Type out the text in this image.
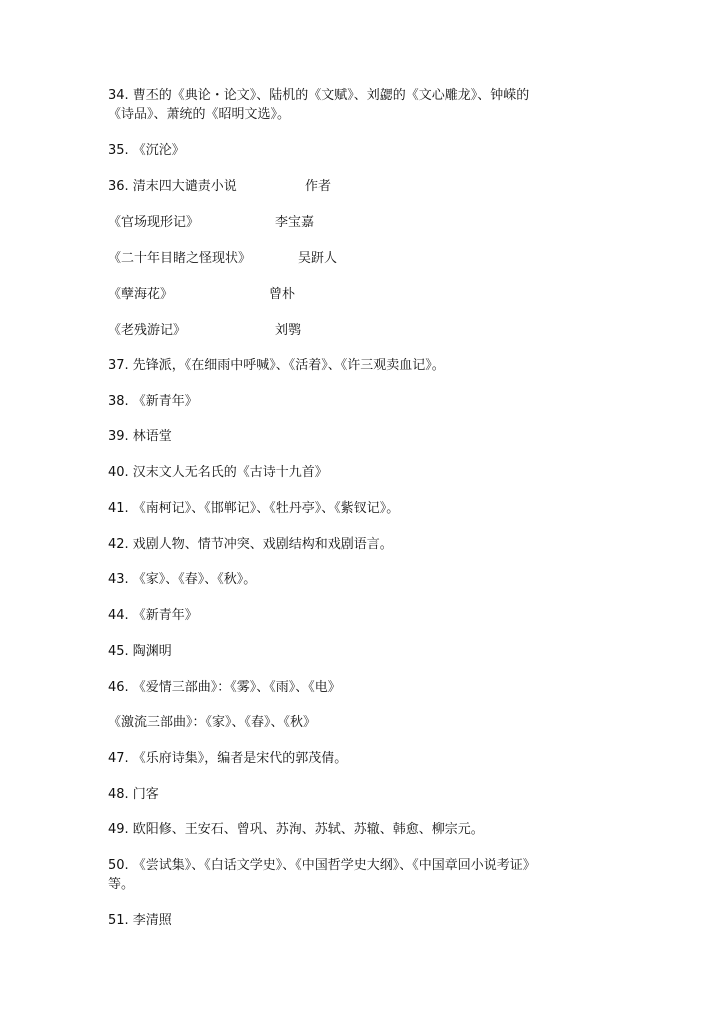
34. 曹丕的《典论・论文》、陆机的《文赋》、刘勰的《文心雕龙》、钟嵘的
《诗品》、萧统的《昭明文选》。
35. 《沉沦》
36. 清末四大谴责小说	作者
《官场现形记》	李宝嘉
《二十年目睹之怪现状》	吴趼人
《孽海花》	曾朴
《老残游记》	刘鹗
37. 先锋派，《在细雨中呼喊》、《活着》、《许三观卖血记》。
38. 《新青年》
39. 林语堂
40. 汉末文人无名氏的《古诗十九首》
41. 《南柯记》、《邯郸记》、《牡丹亭》、《紫钗记》。
42. 戏剧人物、情节冲突、戏剧结构和戏剧语言。
43. 《家》、《春》、《秋》。
44. 《新青年》
45. 陶渊明
46. 《爱情三部曲》：《雾》、《雨》、《电》
《激流三部曲》：《家》、《春》、《秋》
47. 《乐府诗集》，编者是宋代的郭茂倩。
48. 门客
49. 欧阳修、王安石、曾巩、苏洵、苏轼、苏辙、韩愈、柳宗元。
50. 《尝试集》、《白话文学史》、《中国哲学史大纲》、《中国章回小说考证》
等。
51. 李清照
